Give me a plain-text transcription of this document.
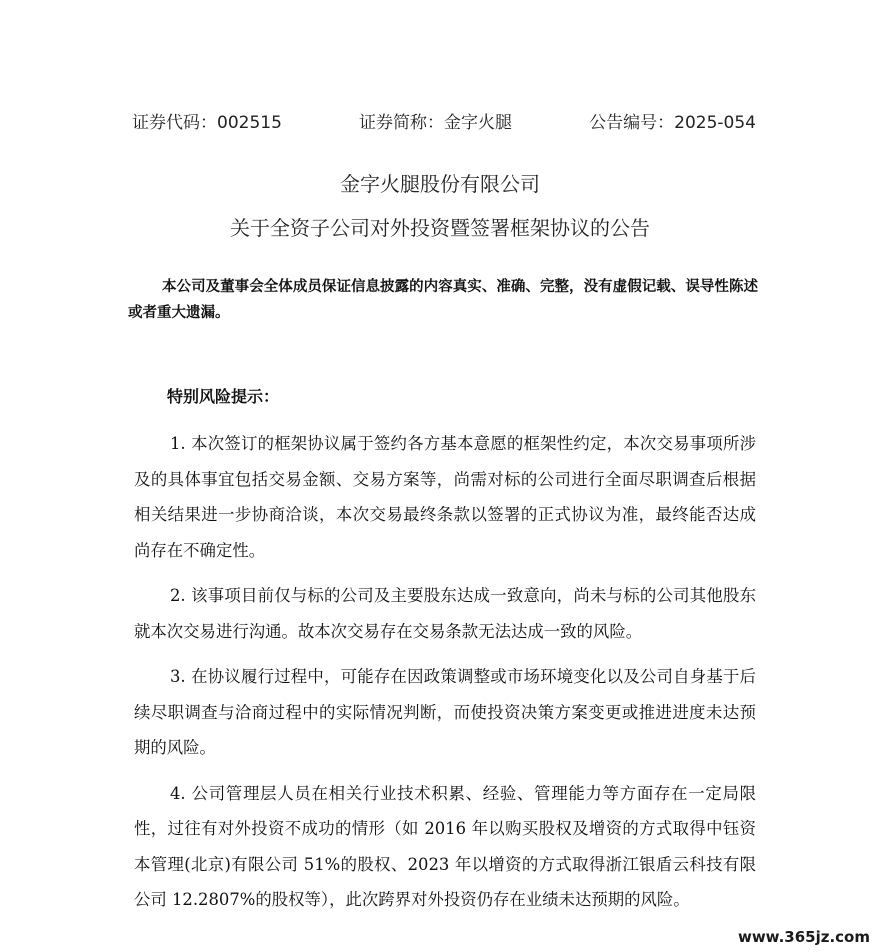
证券代码：002515	证券简称：金字火腿	公告编号：2025-054
金字火腿股份有限公司
关于全资子公司对外投资暨签署框架协议的公告
本公司及董事会全体成员保证信息披露的内容真实、准确、完整，没有虚假记载、误导性陈述或者重大遗漏。
特别风险提示：

1. 本次签订的框架协议属于签约各方基本意愿的框架性约定，本次交易事项所涉及的具体事宜包括交易金额、交易方案等，尚需对标的公司进行全面尽职调查后根据相关结果进一步协商洽谈，本次交易最终条款以签署的正式协议为准，最终能否达成尚存在不确定性。

2. 该事项目前仅与标的公司及主要股东达成一致意向，尚未与标的公司其他股东就本次交易进行沟通。故本次交易存在交易条款无法达成一致的风险。

3. 在协议履行过程中，可能存在因政策调整或市场环境变化以及公司自身基于后续尽职调查与洽商过程中的实际情况判断，而使投资决策方案变更或推进进度未达预期的风险。

4. 公司管理层人员在相关行业技术积累、经验、管理能力等方面存在一定局限性，过往有对外投资不成功的情形（如 2016 年以购买股权及增资的方式取得中钰资本管理(北京)有限公司 51%的股权、2023 年以增资的方式取得浙江银盾云科技有限公司 12.2807%的股权等），此次跨界对外投资仍存在业绩未达预期的风险。

www.365jz.com
